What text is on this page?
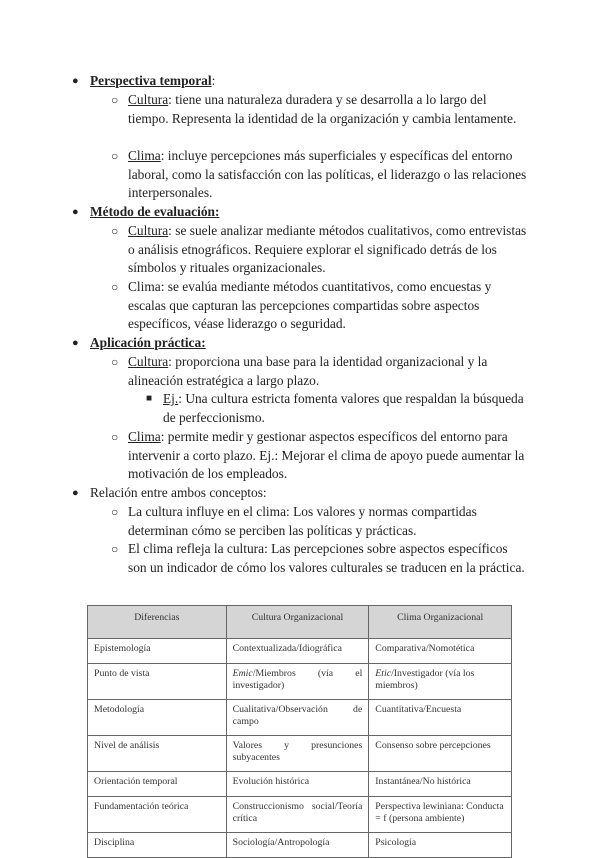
● Perspectiva temporal:
○ Cultura: tiene una naturaleza duradera y se desarrolla a lo largo del tiempo. Representa la identidad de la organización y cambia lentamente.
○ Clima: incluye percepciones más superficiales y específicas del entorno laboral, como la satisfacción con las políticas, el liderazgo o las relaciones interpersonales.
● Método de evaluación:
○ Cultura: se suele analizar mediante métodos cualitativos, como entrevistas o análisis etnográficos. Requiere explorar el significado detrás de los símbolos y rituales organizacionales.
○ Clima: se evalúa mediante métodos cuantitativos, como encuestas y escalas que capturan las percepciones compartidas sobre aspectos específicos, véase liderazgo o seguridad.
● Aplicación práctica:
○ Cultura: proporciona una base para la identidad organizacional y la alineación estratégica a largo plazo.
■ Ej.: Una cultura estricta fomenta valores que respaldan la búsqueda de perfeccionismo.
○ Clima: permite medir y gestionar aspectos específicos del entorno para intervenir a corto plazo. Ej.: Mejorar el clima de apoyo puede aumentar la motivación de los empleados.
● Relación entre ambos conceptos:
○ La cultura influye en el clima: Los valores y normas compartidas determinan cómo se perciben las políticas y prácticas.
○ El clima refleja la cultura: Las percepciones sobre aspectos específicos son un indicador de cómo los valores culturales se traducen en la práctica.
Diferencias	Cultura Organizacional	Clima Organizacional
Epistemología	Contextualizada/Idiográfica	Comparativa/Nomotética
Punto de vista	Emic/Miembros (vía el investigador)	Etic/Investigador (vía los miembros)
Metodología	Cualitativa/Observación de campo	Cuantitativa/Encuesta
Nivel de análisis	Valores y presunciones subyacentes	Consenso sobre percepciones
Orientación temporal	Evolución histórica	Instantánea/No histórica
Fundamentación teórica	Construccionismo social/Teoría crítica	Perspectiva lewiniana: Conducta = f (persona ambiente)
Disciplina	Sociología/Antropología	Psicología
